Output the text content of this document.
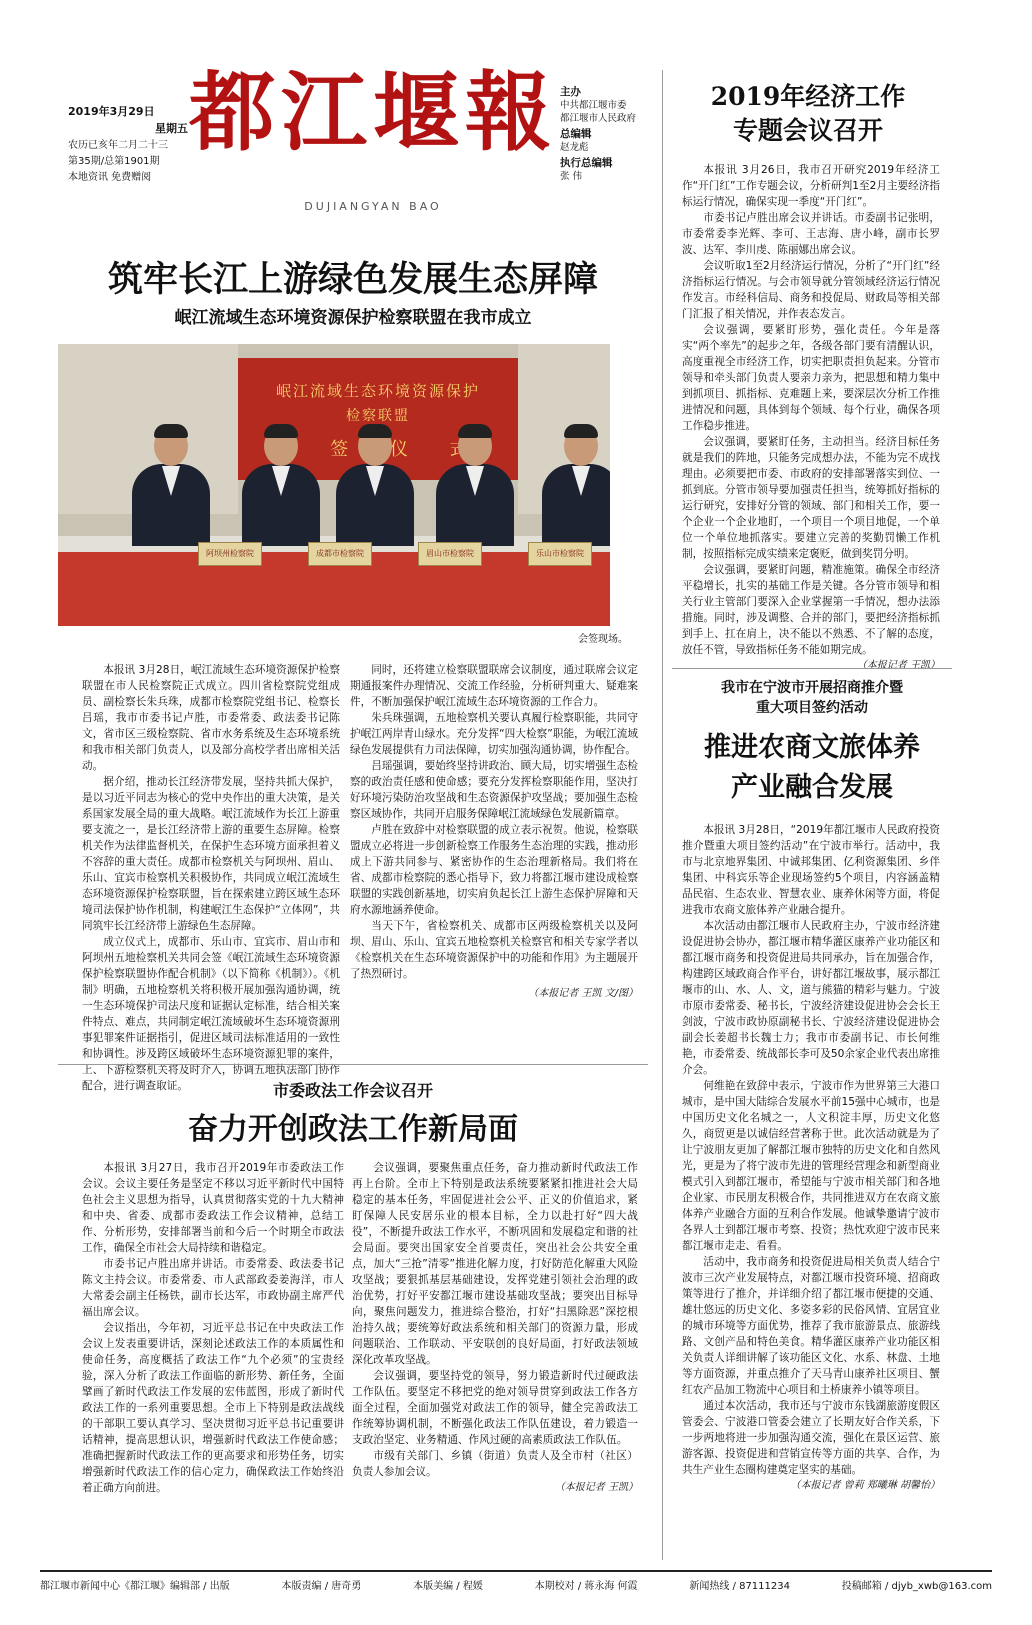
2019年3月29日
星期五
农历已亥年二月二十三
第35期/总第1901期
本地资讯 免费赠阅
都江堰報
DUJIANGYAN BAO
主办
中共都江堰市委
都江堰市人民政府
总编辑
赵龙彪
执行总编辑
张 伟
筑牢长江上游绿色发展生态屏障
岷江流域生态环境资源保护检察联盟在我市成立
岷江流域生态环境资源保护
检察联盟
签 仪
阿坝州检察院	成都市检察院	眉山市检察院	乐山市检察院
会签现场。

本报讯 3月28日，岷江流域生态环境资源保护检察联盟在市人民检察院正式成立。四川省检察院党组成员、副检察长朱兵珠，成都市检察院党组书记、检察长吕瑶，我市市委书记卢胜，市委常委、政法委书记陈文，省市区三级检察院、省市水务系统及生态环境系统和我市相关部门负责人，以及部分高校学者出席相关活动。

据介绍，推动长江经济带发展，坚持共抓大保护，是以习近平同志为核心的党中央作出的重大决策，是关系国家发展全局的重大战略。岷江流域作为长江上游重要支流之一，是长江经济带上游的重要生态屏障。检察机关作为法律监督机关，在保护生态环境方面承担着义不容辞的重大责任。成都市检察机关与阿坝州、眉山、乐山、宜宾市检察机关积极协作，共同成立岷江流域生态环境资源保护检察联盟，旨在探索建立跨区域生态环境司法保护协作机制，构建岷江生态保护“立体网”，共同筑牢长江经济带上游绿色生态屏障。

成立仪式上，成都市、乐山市、宜宾市、眉山市和阿坝州五地检察机关共同会签《岷江流域生态环境资源保护检察联盟协作配合机制》（以下简称《机制》）。《机制》明确，五地检察机关将积极开展加强沟通协调，统一生态环境保护司法尺度和证据认定标准，结合相关案件特点、难点，共同制定岷江流域破坏生态环境资源刑事犯罪案件证据指引，促进区域司法标准适用的一致性和协调性。涉及跨区域破坏生态环境资源犯罪的案件，上、下游检察机关将及时介入，协调五地执法部门协作配合，进行调查取证。

同时，还将建立检察联盟联席会议制度，通过联席会议定期通报案件办理情况、交流工作经验，分析研判重大、疑难案件，不断加强保护岷江流域生态环境资源的工作合力。

朱兵珠强调，五地检察机关要认真履行检察职能，共同守护岷江两岸青山绿水。充分发挥“四大检察”职能，为岷江流域绿色发展提供有力司法保障，切实加强沟通协调，协作配合。

吕瑶强调，要始终坚持讲政治、顾大局，切实增强生态检察的政治责任感和使命感；要充分发挥检察职能作用，坚决打好环境污染防治攻坚战和生态资源保护攻坚战；要加强生态检察区域协作，共同开启服务保障岷江流域绿色发展新篇章。

卢胜在致辞中对检察联盟的成立表示祝贺。他说，检察联盟成立必将进一步创新检察工作服务生态治理的实践，推动形成上下游共同参与、紧密协作的生态治理新格局。我们将在省、成都市检察院的悉心指导下，致力将都江堰市建设成检察联盟的实践创新基地，切实肩负起长江上游生态保护屏障和天府水源地涵养使命。

当天下午，省检察机关、成都市区两级检察机关以及阿坝、眉山、乐山、宜宾五地检察机关检察官和相关专家学者以《检察机关在生态环境资源保护中的功能和作用》为主题展开了热烈研讨。

（本报记者 王凯 文/图）
市委政法工作会议召开
奋力开创政法工作新局面

本报讯 3月27日，我市召开2019年市委政法工作会议。会议主要任务是坚定不移以习近平新时代中国特色社会主义思想为指导，认真贯彻落实党的十九大精神和中央、省委、成都市委政法工作会议精神，总结工作、分析形势，安排部署当前和今后一个时期全市政法工作，确保全市社会大局持续和谐稳定。

市委书记卢胜出席并讲话。市委常委、政法委书记陈文主持会议。市委常委、市人武部政委姜海洋，市人大常委会副主任杨铁，副市长达军，市政协副主席严代福出席会议。

会议指出，今年初，习近平总书记在中央政法工作会议上发表重要讲话，深刻论述政法工作的本质属性和使命任务，高度概括了政法工作“九个必须”的宝贵经验，深入分析了政法工作面临的新形势、新任务，全面擘画了新时代政法工作发展的宏伟蓝图，形成了新时代政法工作的一系列重要思想。全市上下特别是政法战线的干部职工要认真学习、坚决贯彻习近平总书记重要讲话精神，提高思想认识，增强新时代政法工作使命感；准确把握新时代政法工作的更高要求和形势任务，切实增强新时代政法工作的信心定力，确保政法工作始终沿着正确方向前进。

会议强调，要聚焦重点任务，奋力推动新时代政法工作再上台阶。全市上下特别是政法系统要紧紧扣推进社会大局稳定的基本任务，牢固促进社会公平、正义的价值追求，紧盯保障人民安居乐业的根本目标，全力以赴打好“四大战役”，不断提升政法工作水平，不断巩固和发展稳定和谐的社会局面。要突出国家安全首要责任，突出社会公共安全重点，加大“三抢”清零”推进化解力度，打好防范化解重大风险攻坚战；要狠抓基层基础建设，发挥党建引领社会治理的政治优势，打好平安都江堰市建设基础攻坚战；要突出目标导向，聚焦问题发力，推进综合整治，打好“扫黑除恶”深挖根治持久战；要统筹好政法系统和相关部门的资源力量，形成问题联治、工作联动、平安联创的良好局面，打好政法领域深化改革攻坚战。

会议强调，要坚持党的领导，努力锻造新时代过硬政法工作队伍。要坚定不移把党的绝对领导贯穿到政法工作各方面全过程，全面加强党对政法工作的领导，健全完善政法工作统筹协调机制，不断强化政法工作队伍建设，着力锻造一支政治坚定、业务精通、作风过硬的高素质政法工作队伍。

市级有关部门、乡镇（街道）负责人及全市村（社区）负责人参加会议。

（本报记者 王凯）
2019年经济工作
专题会议召开

本报讯 3月26日，我市召开研究2019年经济工作“开门红”工作专题会议，分析研判1至2月主要经济指标运行情况，确保实现一季度“开门红”。

市委书记卢胜出席会议并讲话。市委副书记张明，市委常委李光辉、李可、王志海、唐小峰，副市长罗波、达军、李川虔、陈丽娜出席会议。

会议听取1至2月经济运行情况，分析了“开门红”经济指标运行情况。与会市领导就分管领域经济运行情况作发言。市经科信局、商务和投促局、财政局等相关部门汇报了相关情况，并作表态发言。

会议强调，要紧盯形势，强化责任。今年是落实“两个率先”的起步之年，各级各部门要有清醒认识，高度重视全市经济工作，切实把职责担负起来。分管市领导和牵头部门负责人要亲力亲为，把思想和精力集中到抓项目、抓指标、克难题上来，要深层次分析工作推进情况和问题，具体到每个领域、每个行业，确保各项工作稳步推进。

会议强调，要紧盯任务，主动担当。经济目标任务就是我们的阵地，只能务完成想办法，不能为完不成找理由。必须要把市委、市政府的安排部署落实到位、一抓到底。分管市领导要加强责任担当，统筹抓好指标的运行研究，安排好分管的领域、部门和相关工作，要一个企业一个企业地盯，一个项目一个项目地促，一个单位一个单位地抓落实。要建立完善的奖勤罚懒工作机制，按照指标完成实绩来定褒贬，做到奖罚分明。

会议强调，要紧盯问题，精准施策。确保全市经济平稳增长，扎实的基础工作是关键。各分管市领导和相关行业主管部门要深入企业掌握第一手情况，想办法添措施。同时，涉及调整、合并的部门，要把经济指标抓到手上、扛在肩上，决不能以不熟悉、不了解的态度，放任不管，导致指标任务不能如期完成。

（本报记者 王凯）
我市在宁波市开展招商推介暨
重大项目签约活动
推进农商文旅体养
产业融合发展

本报讯 3月28日，“2019年都江堰市人民政府投资推介暨重大项目签约活动”在宁波市举行。活动中，我市与北京地界集团、中诚邦集团、亿利资源集团、乡伴集团、中科宾乐等企业现场签约5个项目，内容涵盖精品民宿、生态农业、智慧农业、康养休闲等方面，将促进我市农商文旅体养产业融合提升。

本次活动由都江堰市人民政府主办，宁波市经济建设促进协会协办，都江堰市精华灌区康养产业功能区和都江堰市商务和投资促进局共同承办，旨在加强合作，构建跨区域政商合作平台，讲好都江堰故事，展示都江堰市的山、水、人、文，道与熊猫的精彩与魅力。宁波市原市委常委、秘书长，宁波经济建设促进协会会长王剑波，宁波市政协原副秘书长、宁波经济建设促进协会副会长姜超书长魏士力；我市市委副书记、市长何维艳，市委常委、统战部长李可及50余家企业代表出席推介会。

何维艳在致辞中表示，宁波市作为世界第三大港口城市，是中国大陆综合发展水平前15强中心城市，也是中国历史文化名城之一，人文积淀丰厚，历史文化悠久，商贸更是以诚信经营著称于世。此次活动就是为了让宁波朋友更加了解都江堰市独特的历史文化和自然风光，更是为了将宁波市先进的管理经营理念和新型商业模式引入到都江堰市，希望能与宁波市相关部门和各地企业家、市民朋友积极合作，共同推进双方在农商文旅体养产业融合方面的互利合作发展。他诚挚邀请宁波市各界人士到都江堰市考察、投资；热忱欢迎宁波市民来都江堰市走走、看看。

活动中，我市商务和投资促进局相关负责人结合宁波市三次产业发展特点，对都江堰市投资环境、招商政策等进行了推介，并详细介绍了都江堰市便捷的交通、雄壮悠远的历史文化、多姿多彩的民俗风情、宜居宜业的城市环境等方面优势，推荐了我市旅游景点、旅游线路、文创产品和特色美食。精华灌区康养产业功能区相关负责人详细讲解了该功能区文化、水系、林盘、土地等方面资源，并重点推介了天马青山康养社区项目、蟹红农产品加工物流中心项目和土桥康养小镇等项目。

通过本次活动，我市还与宁波市东钱湖旅游度假区管委会、宁波港口管委会建立了长期友好合作关系，下一步两地将进一步加强沟通交流，强化在景区运营、旅游客源、投资促进和营销宣传等方面的共享、合作，为共生产业生态圈构建奠定坚实的基础。

（本报记者 曾莉 郑曦琳 胡馨怡）
都江堰市新闻中心《都江堰》编辑部 / 出版	本版责编 / 唐奇勇	本版美编 / 程媛	本期校对 / 蒋永海 何霞	新闻热线 / 87111234	投稿邮箱 / djyb_xwb@163.com
